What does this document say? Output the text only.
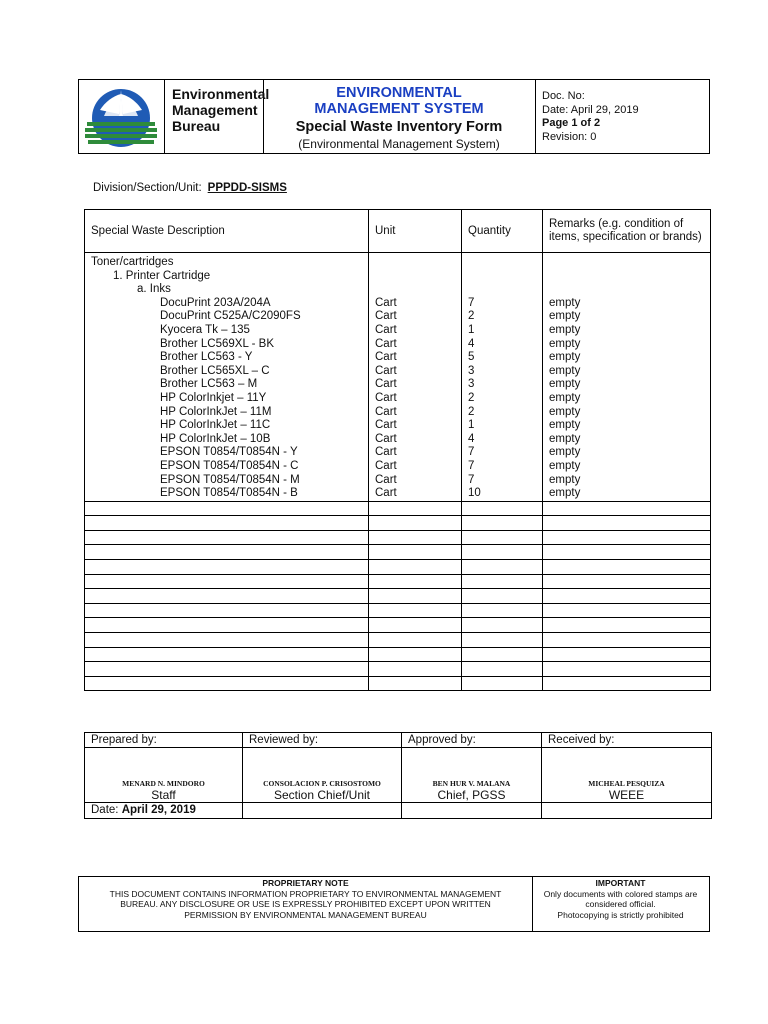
Environmental
Management
Bureau
ENVIRONMENTAL
MANAGEMENT SYSTEM
Special Waste Inventory Form
(Environmental Management System)
Doc. No:
Date: April 29, 2019
Page 1 of 2
Revision: 0
Division/Section/Unit: PPPDD-SISMS
Special Waste Description	Unit	Quantity	Remarks (e.g. condition of items, specification or brands)
Toner/cartridges			
1. Printer Cartridge			
a. Inks			
DocuPrint 203A/204A	Cart	7	empty
DocuPrint C525A/C2090FS	Cart	2	empty
Kyocera Tk – 135	Cart	1	empty
Brother LC569XL - BK	Cart	4	empty
Brother LC563 - Y	Cart	5	empty
Brother LC565XL – C	Cart	3	empty
Brother LC563 – M	Cart	3	empty
HP ColorInkjet – 11Y	Cart	2	empty
HP ColorInkJet – 11M	Cart	2	empty
HP ColorInkJet – 11C	Cart	1	empty
HP ColorInkJet – 10B	Cart	4	empty
EPSON T0854/T0854N - Y	Cart	7	empty
EPSON T0854/T0854N - C	Cart	7	empty
EPSON T0854/T0854N - M	Cart	7	empty
EPSON T0854/T0854N - B	Cart	10	empty

Prepared by:	Reviewed by:	Approved by:	Received by:

MENARD N. MINDORO	CONSOLACION P. CRISOSTOMO	BEN HUR V. MALANA	MICHEAL PESQUIZA
Staff	Section Chief/Unit	Chief, PGSS	WEEE
Date: April 29, 2019			
PROPRIETARY NOTE
THIS DOCUMENT CONTAINS INFORMATION PROPRIETARY TO ENVIRONMENTAL MANAGEMENT
BUREAU. ANY DISCLOSURE OR USE IS EXPRESSLY PROHIBITED EXCEPT UPON WRITTEN
PERMISSION BY ENVIRONMENTAL MANAGEMENT BUREAU
IMPORTANT
Only documents with colored stamps are
considered official.
Photocopying is strictly prohibited
